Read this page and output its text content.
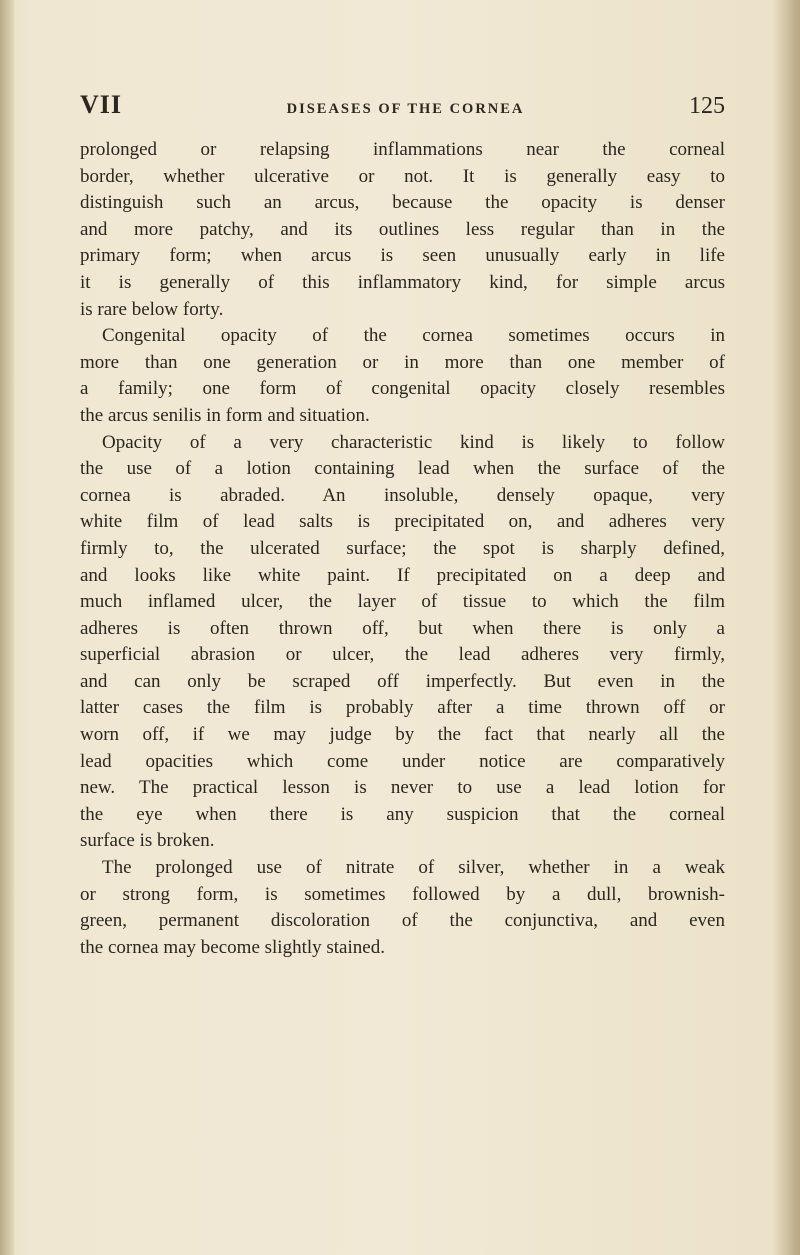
VII	DISEASES OF THE CORNEA	125
prolonged or relapsing inflammations near the corneal
border, whether ulcerative or not. It is generally easy to
distinguish such an arcus, because the opacity is denser
and more patchy, and its outlines less regular than in the
primary form; when arcus is seen unusually early in life
it is generally of this inflammatory kind, for simple arcus
is rare below forty.
Congenital opacity of the cornea sometimes occurs in
more than one generation or in more than one member of
a family; one form of congenital opacity closely resembles
the arcus senilis in form and situation.
Opacity of a very characteristic kind is likely to follow
the use of a lotion containing lead when the surface of the
cornea is abraded. An insoluble, densely opaque, very
white film of lead salts is precipitated on, and adheres very
firmly to, the ulcerated surface; the spot is sharply defined,
and looks like white paint. If precipitated on a deep and
much inflamed ulcer, the layer of tissue to which the film
adheres is often thrown off, but when there is only a
superficial abrasion or ulcer, the lead adheres very firmly,
and can only be scraped off imperfectly. But even in the
latter cases the film is probably after a time thrown off or
worn off, if we may judge by the fact that nearly all the
lead opacities which come under notice are comparatively
new. The practical lesson is never to use a lead lotion for
the eye when there is any suspicion that the corneal
surface is broken.
The prolonged use of nitrate of silver, whether in a weak
or strong form, is sometimes followed by a dull, brownish-
green, permanent discoloration of the conjunctiva, and even
the cornea may become slightly stained.
